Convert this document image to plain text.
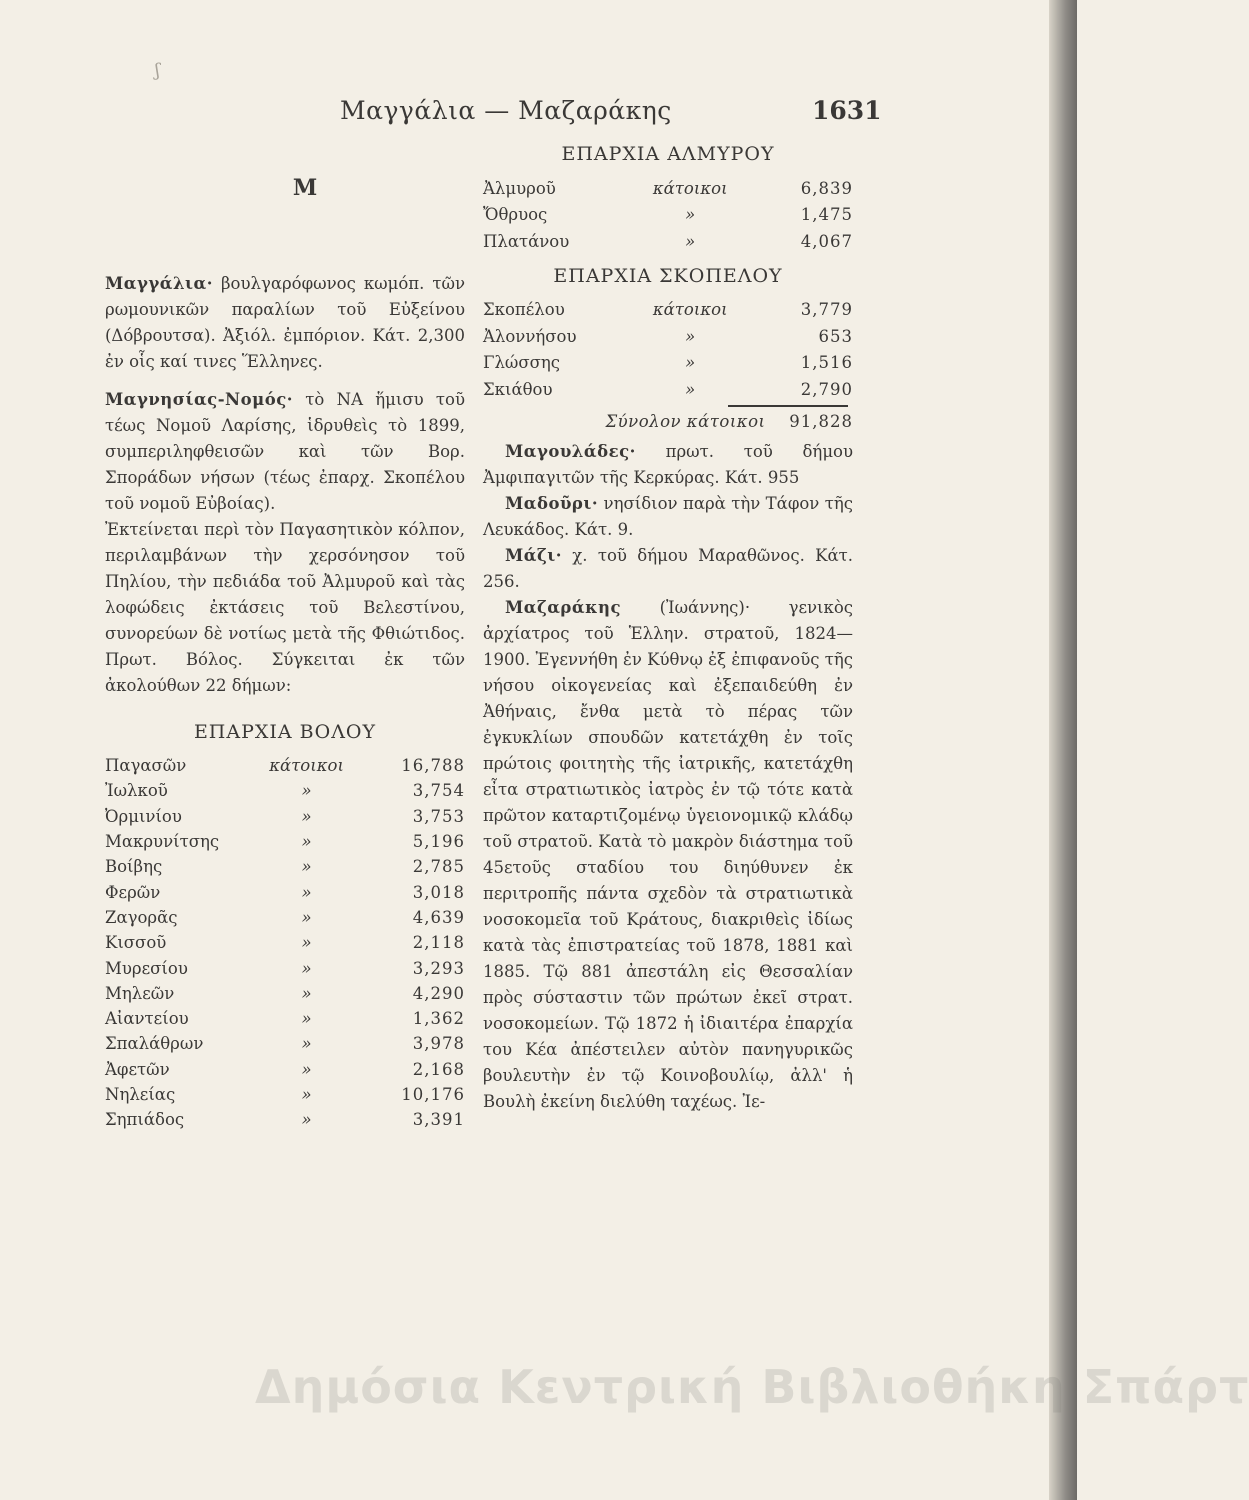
ʃ
Μαγγάλια — Μαζαράκης	1631
Μ

Μαγγάλια· βουλγαρόφωνος κωμόπ. τῶν ρωμουνικῶν παραλίων τοῦ Εὐξείνου (Δόβρουτσα). Ἀξιόλ. ἐμπόριον. Κάτ. 2,300 ἐν οἷς καί τινες Ἕλληνες.

Μαγνησίας-Νομός· τὸ ΝΑ ἥμισυ τοῦ τέως Νομοῦ Λαρίσης, ἱδρυθεὶς τὸ 1899, συμπεριληφθεισῶν καὶ τῶν Βορ. Σποράδων νήσων (τέως ἐπαρχ. Σκοπέλου τοῦ νομοῦ Εὐβοίας).

Ἐκτείνεται περὶ τὸν Παγασητικὸν κόλπον, περιλαμβάνων τὴν χερσόνησον τοῦ Πηλίου, τὴν πεδιάδα τοῦ Ἀλμυροῦ καὶ τὰς λοφώδεις ἐκτάσεις τοῦ Βελεστίνου, συνορεύων δὲ νοτίως μετὰ τῆς Φθιώτιδος. Πρωτ. Βόλος. Σύγκειται ἐκ τῶν ἀκολούθων 22 δήμων:

ΕΠΑΡΧΙΑ ΒΟΛΟΥ
Παγασῶν	κάτοικοι	16,788
Ἰωλκοῦ	»	3,754
Ὀρμινίου	»	3,753
Μακρυνίτσης	»	5,196
Βοίβης	»	2,785
Φερῶν	»	3,018
Ζαγορᾶς	»	4,639
Κισσοῦ	»	2,118
Μυρεσίου	»	3,293
Μηλεῶν	»	4,290
Αἰαντείου	»	1,362
Σπαλάθρων	»	3,978
Ἀφετῶν	»	2,168
Νηλείας	»	10,176
Σηπιάδος	»	3,391
ΕΠΑΡΧΙΑ ΑΛΜΥΡΟΥ
Ἀλμυροῦ	κάτοικοι	6,839
Ὄθρυος	»	1,475
Πλατάνου	»	4,067
ΕΠΑΡΧΙΑ ΣΚΟΠΕΛΟΥ
Σκοπέλου	κάτοικοι	3,779
Ἀλοννήσου	»	653
Γλώσσης	»	1,516
Σκιάθου	»	2,790
Σύνολον κάτοικοι 91,828

Μαγουλάδες· πρωτ. τοῦ δήμου Ἀμφιπαγιτῶν τῆς Κερκύρας. Κάτ. 955

Μαδοῦρι· νησίδιον παρὰ τὴν Τάφον τῆς Λευκάδος. Κάτ. 9.

Μάζι· χ. τοῦ δήμου Μαραθῶνος. Κάτ. 256.

Μαζαράκης (Ἰωάννης)· γενικὸς ἀρχίατρος τοῦ Ἑλλην. στρατοῦ, 1824—1900. Ἐγεννήθη ἐν Κύθνῳ ἐξ ἐπιφανοῦς τῆς νήσου οἰκογενείας καὶ ἐξεπαιδεύθη ἐν Ἀθήναις, ἔνθα μετὰ τὸ πέρας τῶν ἐγκυκλίων σπουδῶν κατετάχθη ἐν τοῖς πρώτοις φοιτητὴς τῆς ἰατρικῆς, κατετάχθη εἶτα στρατιωτικὸς ἰατρὸς ἐν τῷ τότε κατὰ πρῶτον καταρτιζομένῳ ὑγειονομικῷ κλάδῳ τοῦ στρατοῦ. Κατὰ τὸ μακρὸν διάστημα τοῦ 45ετοῦς σταδίου του διηύθυνεν ἐκ περιτροπῆς πάντα σχεδὸν τὰ στρατιωτικὰ νοσοκομεῖα τοῦ Κράτους, διακριθεὶς ἰδίως κατὰ τὰς ἐπιστρατείας τοῦ 1878, 1881 καὶ 1885. Τῷ 881 ἀπεστάλη εἰς Θεσσαλίαν πρὸς σύσταστιν τῶν πρώτων ἐκεῖ στρατ. νοσοκομείων. Τῷ 1872 ἡ ἰδιαιτέρα ἐπαρχία του Κέα ἀπέστειλεν αὐτὸν πανηγυρικῶς βουλευτὴν ἐν τῷ Κοινοβουλίῳ, ἀλλ' ἡ Βουλὴ ἐκείνη διελύθη ταχέως. Ἰε-

Δημόσια Κεντρική Βιβλιοθήκη Σπάρτ
